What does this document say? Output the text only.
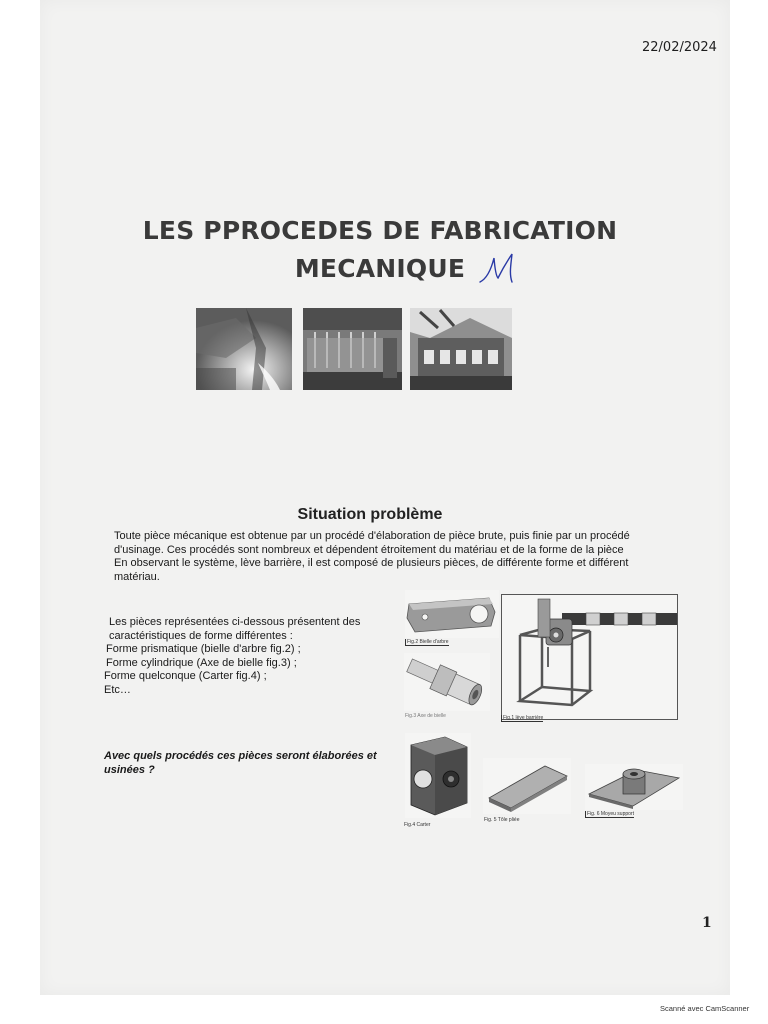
22/02/2024
LES PPROCEDES DE FABRICATION
MECANIQUE
Situation problème
Toute pièce mécanique est obtenue par un procédé d'élaboration de pièce brute, puis finie par un procédé d'usinage. Ces procédés sont nombreux et dépendent étroitement du matériau et de la forme de la pièce En observant le système, lève barrière, il est composé de plusieurs pièces, de différente forme et différent matériau.
Les pièces représentées ci-dessous présentent des
caractéristiques de forme différentes :
Forme prismatique (bielle d'arbre fig.2) ;
Forme cylindrique (Axe de bielle fig.3) ;
Forme quelconque (Carter fig.4) ;
Etc…
Avec quels procédés ces pièces seront élaborées et usinées ?
Fig.2 Bielle d'arbre
Fig.1 lève barrière
Fig.3 Axe de bielle
Fig.4 Carter
Fig. 5 Tôle pliée
Fig. 6 Moyeu support
1
Scanné avec CamScanner
